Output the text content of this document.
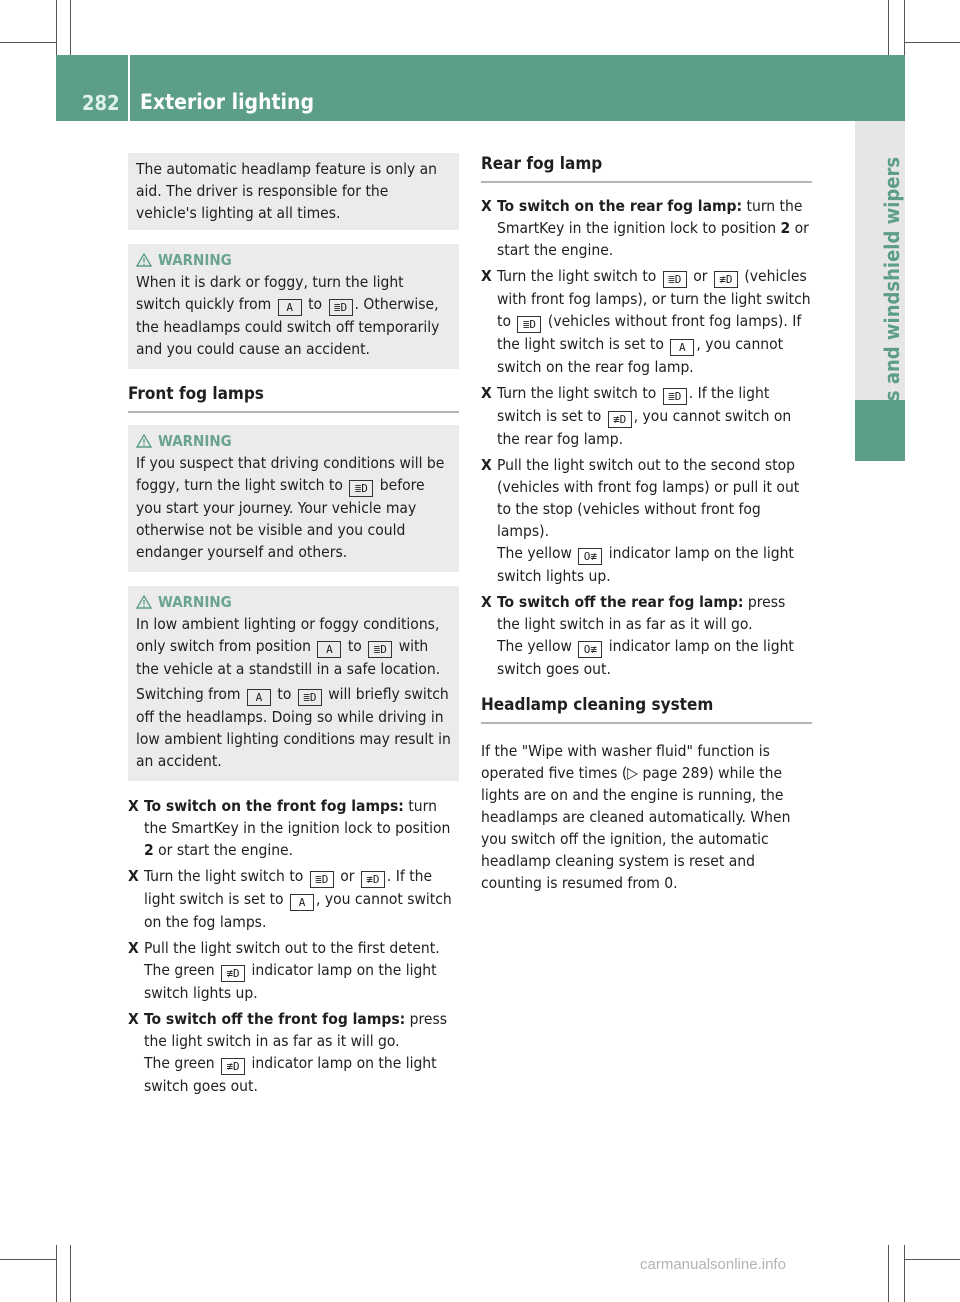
282 Exterior lighting
Lights and windshield wipers
The automatic headlamp feature is only an aid. The driver is responsible for the vehicle's lighting at all times.
WARNING
When it is dark or foggy, turn the light switch quickly from A to ≣D . Otherwise, the headlamps could switch off temporarily and you could cause an accident.
Front fog lamps
WARNING
If you suspect that driving conditions will be foggy, turn the light switch to ≣D before you start your journey. Your vehicle may otherwise not be visible and you could endanger yourself and others.
WARNING
In low ambient lighting or foggy conditions, only switch from position A to ≣D with the vehicle at a standstill in a safe location.
Switching from A to ≣D will briefly switch off the headlamps. Doing so while driving in low ambient lighting conditions may result in an accident.
X To switch on the front fog lamps: turn the SmartKey in the ignition lock to position 2 or start the engine.
X Turn the light switch to ≣D or ≢D . If the light switch is set to A , you cannot switch on the fog lamps.
X Pull the light switch out to the first detent.
The green ≢D indicator lamp on the light switch lights up.
X To switch off the front fog lamps: press the light switch in as far as it will go.
The green ≢D indicator lamp on the light switch goes out.
Rear fog lamp
X To switch on the rear fog lamp: turn the SmartKey in the ignition lock to position 2 or start the engine.
X Turn the light switch to ≣D or ≢D (vehicles with front fog lamps), or turn the light switch to ≣D (vehicles without front fog lamps). If the light switch is set to A , you cannot switch on the rear fog lamp.
X Turn the light switch to ≣D . If the light switch is set to ≢D , you cannot switch on the rear fog lamp.
X Pull the light switch out to the second stop (vehicles with front fog lamps) or pull it out to the stop (vehicles without front fog lamps).
The yellow O≢ indicator lamp on the light switch lights up.
X To switch off the rear fog lamp: press the light switch in as far as it will go.
The yellow O≢ indicator lamp on the light switch goes out.
Headlamp cleaning system
If the "Wipe with washer fluid" function is operated five times (▷ page 289) while the lights are on and the engine is running, the headlamps are cleaned automatically. When you switch off the ignition, the automatic headlamp cleaning system is reset and counting is resumed from 0.
carmanualsonline.info
